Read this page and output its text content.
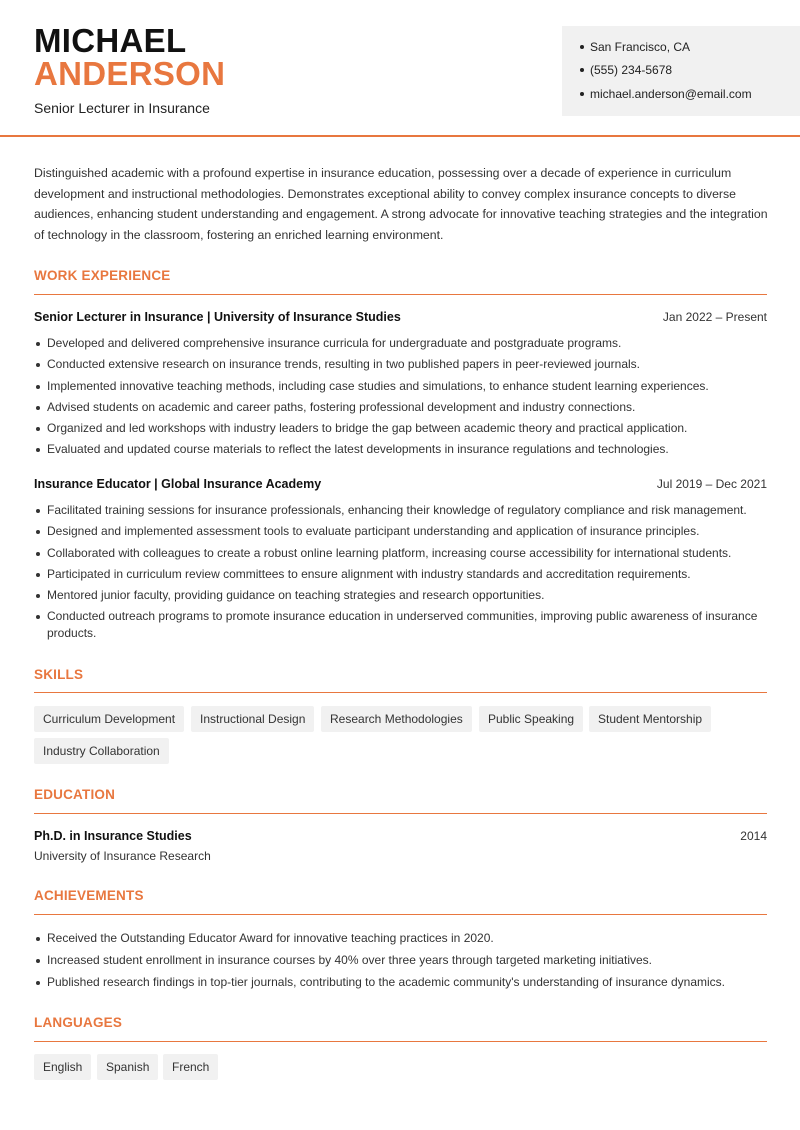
MICHAEL
ANDERSON
Senior Lecturer in Insurance
San Francisco, CA
(555) 234-5678
michael.anderson@email.com

Distinguished academic with a profound expertise in insurance education, possessing over a decade of experience in curriculum development and instructional methodologies. Demonstrates exceptional ability to convey complex insurance concepts to diverse audiences, enhancing student understanding and engagement. A strong advocate for innovative teaching strategies and the integration of technology in the classroom, fostering an enriched learning environment.

WORK EXPERIENCE
Senior Lecturer in Insurance | University of Insurance Studies	Jan 2022 – Present
Developed and delivered comprehensive insurance curricula for undergraduate and postgraduate programs.
Conducted extensive research on insurance trends, resulting in two published papers in peer-reviewed journals.
Implemented innovative teaching methods, including case studies and simulations, to enhance student learning experiences.
Advised students on academic and career paths, fostering professional development and industry connections.
Organized and led workshops with industry leaders to bridge the gap between academic theory and practical application.
Evaluated and updated course materials to reflect the latest developments in insurance regulations and technologies.
Insurance Educator | Global Insurance Academy	Jul 2019 – Dec 2021
Facilitated training sessions for insurance professionals, enhancing their knowledge of regulatory compliance and risk management.
Designed and implemented assessment tools to evaluate participant understanding and application of insurance principles.
Collaborated with colleagues to create a robust online learning platform, increasing course accessibility for international students.
Participated in curriculum review committees to ensure alignment with industry standards and accreditation requirements.
Mentored junior faculty, providing guidance on teaching strategies and research opportunities.
Conducted outreach programs to promote insurance education in underserved communities, improving public awareness of insurance products.
SKILLS
Curriculum Development	Instructional Design	Research Methodologies	Public Speaking	Student Mentorship
Industry Collaboration
EDUCATION
Ph.D. in Insurance Studies	2014
University of Insurance Research
ACHIEVEMENTS
Received the Outstanding Educator Award for innovative teaching practices in 2020.
Increased student enrollment in insurance courses by 40% over three years through targeted marketing initiatives.
Published research findings in top-tier journals, contributing to the academic community's understanding of insurance dynamics.
LANGUAGES
English	Spanish	French
